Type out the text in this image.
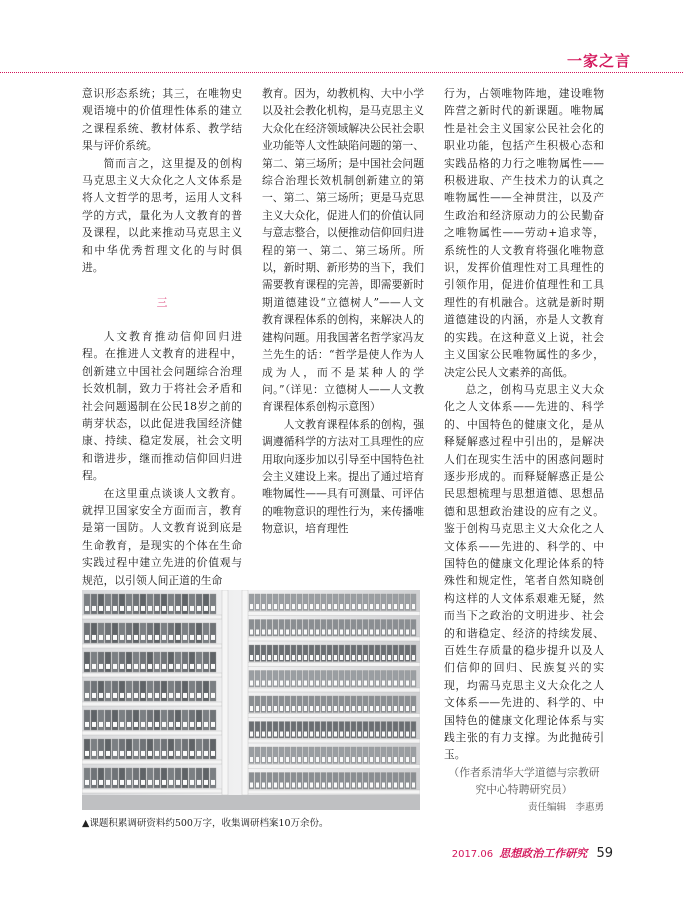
一家之言

意识形态系统；其三，在唯物史观语境中的价值理性体系的建立之课程系统、教材体系、教学结果与评价系统。

简而言之，这里提及的创构马克思主义大众化之人文体系是将人文哲学的思考，运用人文科学的方式，量化为人文教育的普及课程，以此来推动马克思主义和中华优秀哲理文化的与时俱进。

三

人文教育推动信仰回归进程。在推进人文教育的进程中，创新建立中国社会问题综合治理长效机制，致力于将社会矛盾和社会问题遏制在公民18岁之前的萌芽状态，以此促进我国经济健康、持续、稳定发展，社会文明和谐进步，继而推动信仰回归进程。

在这里重点谈谈人文教育。就捍卫国家安全方面而言，教育是第一国防。人文教育说到底是生命教育，是现实的个体在生命实践过程中建立先进的价值观与规范，以引领人间正道的生命

教育。因为，幼教机构、大中小学以及社会教化机构，是马克思主义大众化在经济领域解决公民社会职业功能等人文性缺陷问题的第一、第二、第三场所；是中国社会问题综合治理长效机制创新建立的第一、第二、第三场所；更是马克思主义大众化，促进人们的价值认同与意志整合，以便推动信仰回归进程的第一、第二、第三场所。所以，新时期、新形势的当下，我们需要教育课程的完善，即需要新时期道德建设“立德树人”——人文教育课程体系的创构，来解决人的建构问题。用我国著名哲学家冯友兰先生的话：“哲学是使人作为人成为人，而不是某种人的学问。”（详见：立德树人——人文教育课程体系创构示意图）

人文教育课程体系的创构，强调遵循科学的方法对工具理性的应用取向逐步加以引导至中国特色社会主义建设上来。提出了通过培育唯物属性——具有可测量、可评估的唯物意识的理性行为，来传播唯物意识，培育理性

行为，占领唯物阵地，建设唯物阵营之新时代的新课题。唯物属性是社会主义国家公民社会化的职业功能，包括产生积极心态和实践品格的力行之唯物属性——积极进取、产生技术力的认真之唯物属性——全神贯注，以及产生政治和经济原动力的公民勤奋之唯物属性——劳动+追求等，系统性的人文教育将强化唯物意识，发挥价值理性对工具理性的引领作用，促进价值理性和工具理性的有机融合。这就是新时期道德建设的内涵，亦是人文教育的实践。在这种意义上说，社会主义国家公民唯物属性的多少，决定公民人文素养的高低。

总之，创构马克思主义大众化之人文体系——先进的、科学的、中国特色的健康文化，是从释疑解惑过程中引出的，是解决人们在现实生活中的困惑问题时逐步形成的。而释疑解惑正是公民思想梳理与思想道德、思想品德和思想政治建设的应有之义。鉴于创构马克思主义大众化之人文体系——先进的、科学的、中国特色的健康文化理论体系的特殊性和规定性，笔者自然知晓创构这样的人文体系艰难无疑，然而当下之政治的文明进步、社会的和谐稳定、经济的持续发展、百姓生存质量的稳步提升以及人们信仰的回归、民族复兴的实现，均需马克思主义大众化之人文体系——先进的、科学的、中国特色的健康文化理论体系与实践主张的有力支撑。为此抛砖引玉。

（作者系清华大学道德与宗教研究中心特聘研究员）

责任编辑　李惠勇

▲课题积累调研资料约500万字，收集调研档案10万余份。
2017.06 思想政治工作研究 59
